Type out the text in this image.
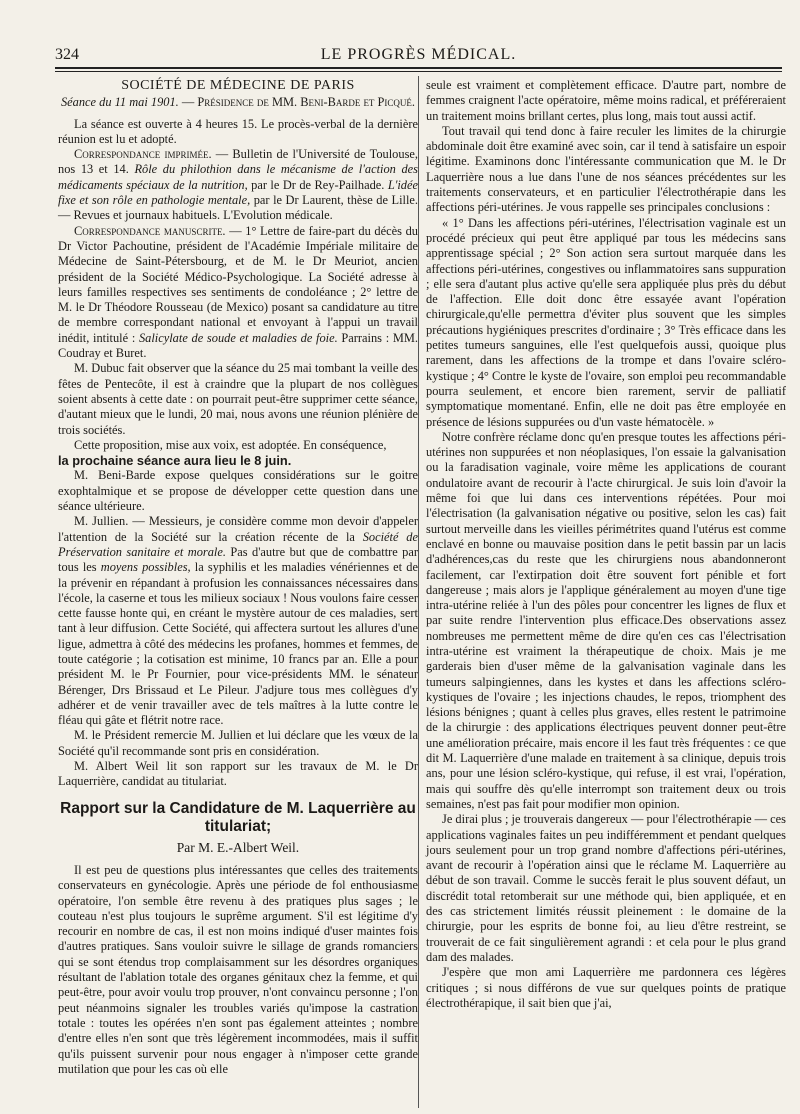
324	LE PROGRÈS MÉDICAL.

SOCIÉTÉ DE MÉDECINE DE PARIS

Séance du 11 mai 1901. — Présidence de MM. Beni-Barde et Picqué.

La séance est ouverte à 4 heures 15. Le procès-verbal de la dernière réunion est lu et adopté.

Correspondance imprimée. — Bulletin de l'Université de Toulouse, nos 13 et 14. Rôle du philothion dans le mécanisme de l'action des médicaments spéciaux de la nutrition, par le Dr de Rey-Pailhade. L'idée fixe et son rôle en pathologie mentale, par le Dr Laurent, thèse de Lille. — Revues et journaux habituels. L'Evolution médicale.

Correspondance manuscrite. — 1° Lettre de faire-part du décès du Dr Victor Pachoutine, président de l'Académie Impériale militaire de Médecine de Saint-Pétersbourg, et de M. le Dr Meuriot, ancien président de la Société Médico-Psychologique. La Société adresse à leurs familles respectives ses sentiments de condoléance ; 2° lettre de M. le Dr Théodore Rousseau (de Mexico) posant sa candidature au titre de membre correspondant national et envoyant à l'appui un travail inédit, intitulé : Salicylate de soude et maladies de foie. Parrains : MM. Coudray et Buret.

M. Dubuc fait observer que la séance du 25 mai tombant la veille des fêtes de Pentecôte, il est à craindre que la plupart de nos collègues soient absents à cette date : on pourrait peut-être supprimer cette séance, d'autant mieux que le lundi, 20 mai, nous avons une réunion plénière de trois sociétés.

Cette proposition, mise aux voix, est adoptée. En conséquence,

la prochaine séance aura lieu le 8 juin.

M. Beni-Barde expose quelques considérations sur le goitre exophtalmique et se propose de développer cette question dans une séance ultérieure.

M. Jullien. — Messieurs, je considère comme mon devoir d'appeler l'attention de la Société sur la création récente de la Société de Préservation sanitaire et morale. Pas d'autre but que de combattre par tous les moyens possibles, la syphilis et les maladies vénériennes et de la prévenir en répandant à profusion les connaissances nécessaires dans l'école, la caserne et tous les milieux sociaux ! Nous voulons faire cesser cette fausse honte qui, en créant le mystère autour de ces maladies, sert tant à leur diffusion. Cette Société, qui affectera surtout les allures d'une ligue, admettra à côté des médecins les profanes, hommes et femmes, de toute catégorie ; la cotisation est minime, 10 francs par an. Elle a pour président M. le Pr Fournier, pour vice-présidents MM. le sénateur Bérenger, Drs Brissaud et Le Pileur. J'adjure tous mes collègues d'y adhérer et de venir travailler avec de tels maîtres à la lutte contre le fléau qui gâte et flétrit notre race.

M. le Président remercie M. Jullien et lui déclare que les vœux de la Société qu'il recommande sont pris en considération.

M. Albert Weil lit son rapport sur les travaux de M. le Dr Laquerrière, candidat au titulariat.

Rapport sur la Candidature de M. Laquerrière au titulariat;

Par M. E.-Albert Weil.

Il est peu de questions plus intéressantes que celles des traitements conservateurs en gynécologie. Après une période de fol enthousiasme opératoire, l'on semble être revenu à des pratiques plus sages ; le couteau n'est plus toujours le suprême argument. S'il est légitime d'y recourir en nombre de cas, il est non moins indiqué d'user maintes fois d'autres pratiques. Sans vouloir suivre le sillage de grands romanciers qui se sont étendus trop complaisamment sur les désordres organiques résultant de l'ablation totale des organes génitaux chez la femme, et qui peut-être, pour avoir voulu trop prouver, n'ont convaincu personne ; l'on peut néanmoins signaler les troubles variés qu'impose la castration totale : toutes les opérées n'en sont pas également atteintes ; nombre d'entre elles n'en sont que très légèrement incommodées, mais il suffit qu'ils puissent survenir pour nous engager à n'imposer cette grande mutilation que pour les cas où elle

seule est vraiment et complètement efficace. D'autre part, nombre de femmes craignent l'acte opératoire, même moins radical, et préféreraient un traitement moins brillant certes, plus long, mais tout aussi actif.

Tout travail qui tend donc à faire reculer les limites de la chirurgie abdominale doit être examiné avec soin, car il tend à satisfaire un espoir légitime. Examinons donc l'intéressante communication que M. le Dr Laquerrière nous a lue dans l'une de nos séances précédentes sur les traitements conservateurs, et en particulier l'électrothérapie dans les affections péri-utérines. Je vous rappelle ses principales conclusions :

« 1° Dans les affections péri-utérines, l'électrisation vaginale est un procédé précieux qui peut être appliqué par tous les médecins sans apprentissage spécial ; 2° Son action sera surtout marquée dans les affections péri-utérines, congestives ou inflammatoires sans suppuration ; elle sera d'autant plus active qu'elle sera appliquée plus près du début de l'affection. Elle doit donc être essayée avant l'opération chirurgicale,qu'elle permettra d'éviter plus souvent que les simples précautions hygiéniques prescrites d'ordinaire ; 3° Très efficace dans les petites tumeurs sanguines, elle l'est quelquefois aussi, quoique plus rarement, dans les affections de la trompe et dans l'ovaire scléro-kystique ; 4° Contre le kyste de l'ovaire, son emploi peu recommandable pourra seulement, et encore bien rarement, servir de palliatif symptomatique momentané. Enfin, elle ne doit pas être employée en présence de lésions suppurées ou d'un vaste hématocèle. »

Notre confrère réclame donc qu'en presque toutes les affections péri-utérines non suppurées et non néoplasiques, l'on essaie la galvanisation ou la faradisation vaginale, voire même les applications de courant ondulatoire avant de recourir à l'acte chirurgical. Je suis loin d'avoir la même foi que lui dans ces interventions répétées. Pour moi l'électrisation (la galvanisation négative ou positive, selon les cas) fait surtout merveille dans les vieilles périmétrites quand l'utérus est comme enclavé en bonne ou mauvaise position dans le petit bassin par un lacis d'adhérences,cas du reste que les chirurgiens nous abandonneront facilement, car l'extirpation doit être souvent fort pénible et fort dangereuse ; mais alors je l'applique généralement au moyen d'une tige intra-utérine reliée à l'un des pôles pour concentrer les lignes de flux et par suite rendre l'intervention plus efficace.Des observations assez nombreuses me permettent même de dire qu'en ces cas l'électrisation intra-utérine est vraiment la thérapeutique de choix. Mais je me garderais bien d'user même de la galvanisation vaginale dans les tumeurs salpingiennes, dans les kystes et dans les affections scléro-kystiques de l'ovaire ; les injections chaudes, le repos, triomphent des lésions bénignes ; quant à celles plus graves, elles restent le patrimoine de la chirurgie : des applications électriques peuvent donner peut-être une amélioration précaire, mais encore il les faut très fréquentes : ce que dit M. Laquerrière d'une malade en traitement à sa clinique, depuis trois ans, pour une lésion scléro-kystique, qui refuse, il est vrai, l'opération, mais qui souffre dès qu'elle interrompt son traitement deux ou trois semaines, n'est pas fait pour modifier mon opinion.

Je dirai plus ; je trouverais dangereux — pour l'électrothérapie — ces applications vaginales faites un peu indifféremment et pendant quelques jours seulement pour un trop grand nombre d'affections péri-utérines, avant de recourir à l'opération ainsi que le réclame M. Laquerrière au début de son travail. Comme le succès ferait le plus souvent défaut, un discrédit total retomberait sur une méthode qui, bien appliquée, et en des cas strictement limités réussit pleinement : le domaine de la chirurgie, pour les esprits de bonne foi, au lieu d'être restreint, se trouverait de ce fait singulièrement agrandi : et cela pour le plus grand dam des malades.

J'espère que mon ami Laquerrière me pardonnera ces légères critiques ; si nous différons de vue sur quelques points de pratique électrothérapique, il sait bien que j'ai,
